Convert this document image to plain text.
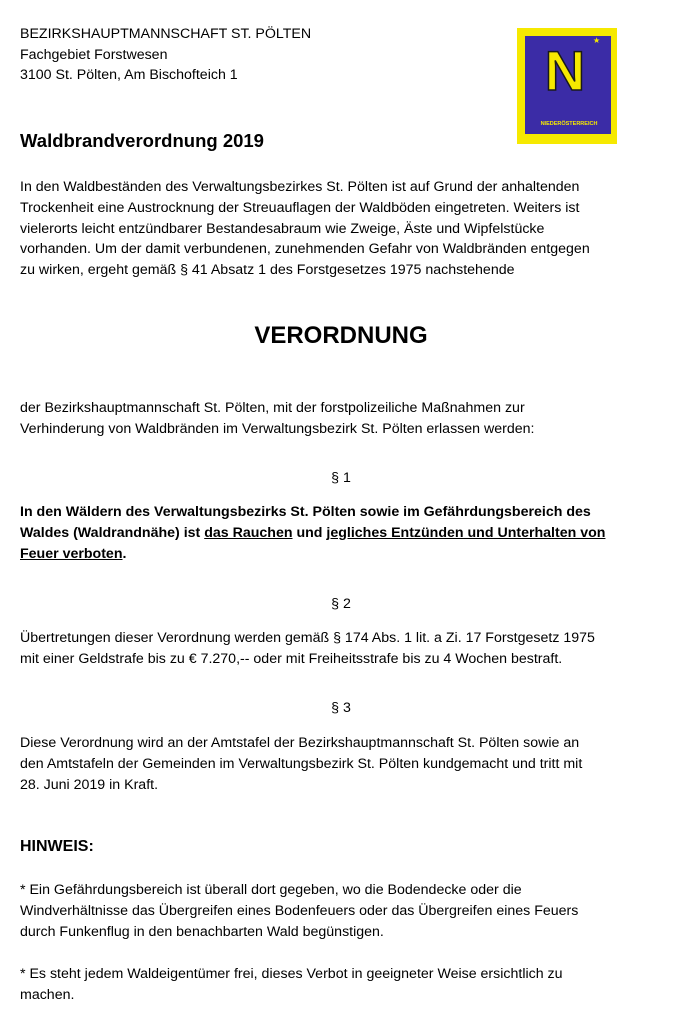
BEZIRKSHAUPTMANNSCHAFT ST. PÖLTEN
Fachgebiet Forstwesen
3100 St. Pölten, Am Bischofteich 1	N ★
NIEDERÖSTERREICH
Waldbrandverordnung 2019
In den Waldbeständen des Verwaltungsbezirkes St. Pölten ist auf Grund der anhaltenden
Trockenheit eine Austrocknung der Streuauflagen der Waldböden eingetreten. Weiters ist
vielerorts leicht entzündbarer Bestandesabraum wie Zweige, Äste und Wipfelstücke
vorhanden. Um der damit verbundenen, zunehmenden Gefahr von Waldbränden entgegen
zu wirken, ergeht gemäß § 41 Absatz 1 des Forstgesetzes 1975 nachstehende
VERORDNUNG
der Bezirkshauptmannschaft St. Pölten, mit der forstpolizeiliche Maßnahmen zur
Verhinderung von Waldbränden im Verwaltungsbezirk St. Pölten erlassen werden:
§ 1
In den Wäldern des Verwaltungsbezirks St. Pölten sowie im Gefährdungsbereich des
Waldes (Waldrandnähe) ist das Rauchen und jegliches Entzünden und Unterhalten von
Feuer verboten.
§ 2
Übertretungen dieser Verordnung werden gemäß § 174 Abs. 1 lit. a Zi. 17 Forstgesetz 1975
mit einer Geldstrafe bis zu € 7.270,-- oder mit Freiheitsstrafe bis zu 4 Wochen bestraft.
§ 3
Diese Verordnung wird an der Amtstafel der Bezirkshauptmannschaft St. Pölten sowie an
den Amtstafeln der Gemeinden im Verwaltungsbezirk St. Pölten kundgemacht und tritt mit
28. Juni 2019 in Kraft.
HINWEIS:
* Ein Gefährdungsbereich ist überall dort gegeben, wo die Bodendecke oder die
Windverhältnisse das Übergreifen eines Bodenfeuers oder das Übergreifen eines Feuers
durch Funkenflug in den benachbarten Wald begünstigen.
* Es steht jedem Waldeigentümer frei, dieses Verbot in geeigneter Weise ersichtlich zu
machen.
